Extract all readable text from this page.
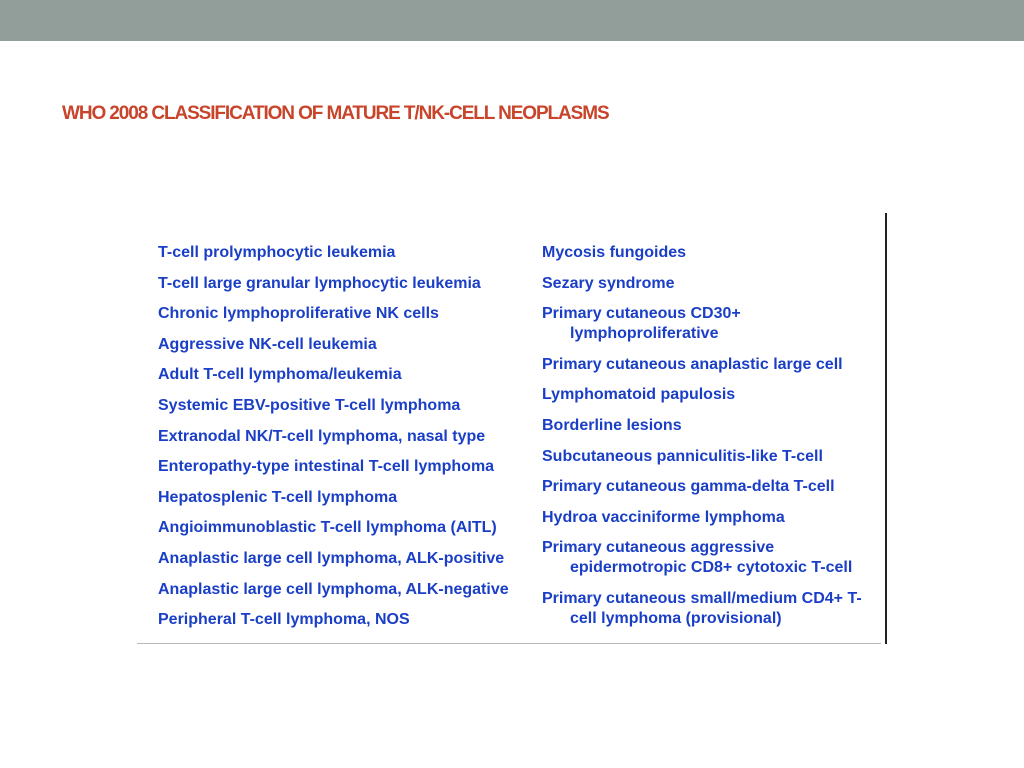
WHO 2008 CLASSIFICATION OF MATURE T/NK-CELL NEOPLASMS
T-cell prolymphocytic leukemia
T-cell large granular lymphocytic leukemia
Chronic lymphoproliferative NK cells
Aggressive NK-cell leukemia
Adult T-cell lymphoma/leukemia
Systemic EBV-positive T-cell lymphoma
Extranodal NK/T-cell lymphoma, nasal type
Enteropathy-type intestinal T-cell lymphoma
Hepatosplenic T-cell lymphoma
Angioimmunoblastic T-cell lymphoma (AITL)
Anaplastic large cell lymphoma, ALK-positive
Anaplastic large cell lymphoma, ALK-negative
Peripheral T-cell lymphoma, NOS
Mycosis fungoides
Sezary syndrome
Primary cutaneous CD30+
lymphoproliferative
Primary cutaneous anaplastic large cell
Lymphomatoid papulosis
Borderline lesions
Subcutaneous panniculitis-like T-cell
Primary cutaneous gamma-delta T-cell
Hydroa vacciniforme lymphoma
Primary cutaneous aggressive
epidermotropic CD8+ cytotoxic T-cell
Primary cutaneous small/medium CD4+ T-
cell lymphoma (provisional)
